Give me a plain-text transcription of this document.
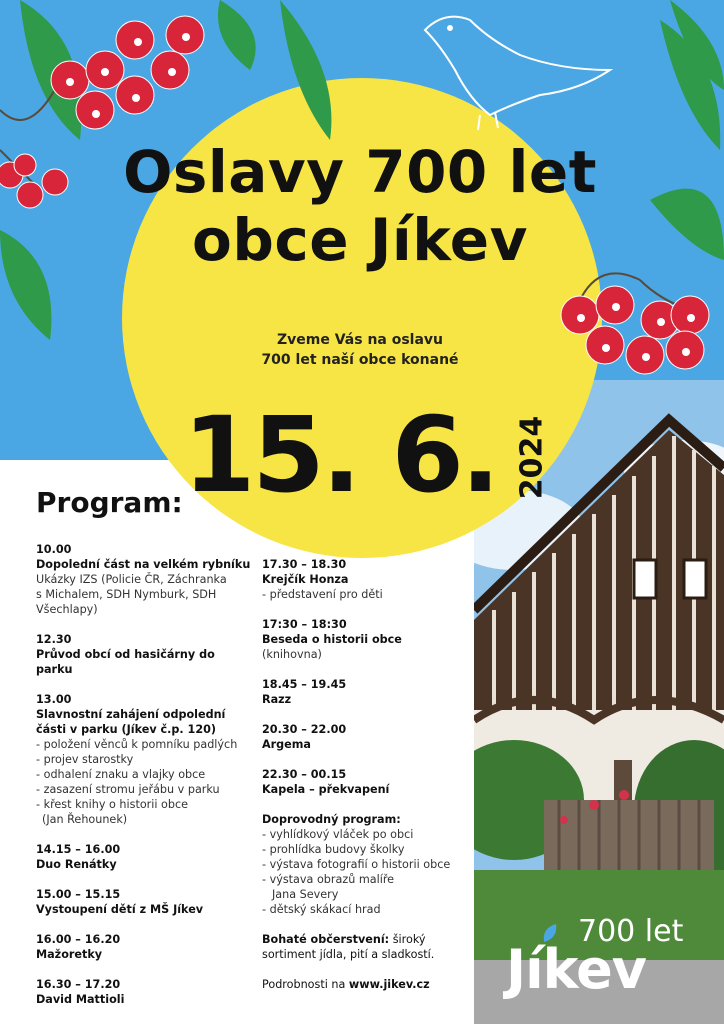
Oslavy 700 let
obce Jíkev
Zveme Vás na oslavu
700 let naší obce konané
15. 6. 2024
Program:
10.00
Dopolední část na velkém rybníku
Ukázky IZS (Policie ČR, Záchranka
s Michalem, SDH Nymburk, SDH
Všechlapy)
12.30
Průvod obcí od hasičárny do parku
13.00
Slavnostní zahájení odpolední části v parku (Jíkev č.p. 120)
- položení věnců k pomníku padlých
- projev starostky
- odhalení znaku a vlajky obce
- zasazení stromu jeřábu v parku
- křest knihy o historii obce
(Jan Řehounek)
14.15 – 16.00
Duo Renátky
15.00 – 15.15
Vystoupení dětí z MŠ Jíkev
16.00 – 16.20
Mažoretky
16.30 – 17.20
David Mattioli
17.30 – 18.30
Krejčík Honza
- představení pro děti
17:30 – 18:30
Beseda o historii obce
(knihovna)
18.45 – 19.45
Razz
20.30 – 22.00
Argema
22.30 – 00.15
Kapela – překvapení
Doprovodný program:
- vyhlídkový vláček po obci
- prohlídka budovy školky
- výstava fotografií o historii obce
- výstava obrazů malíře
Jana Severy
- dětský skákací hrad
Bohaté občerstvení: široký sortiment jídla, pití a sladkostí.
Podrobnosti na www.jikev.cz
700 let
Jíkev
